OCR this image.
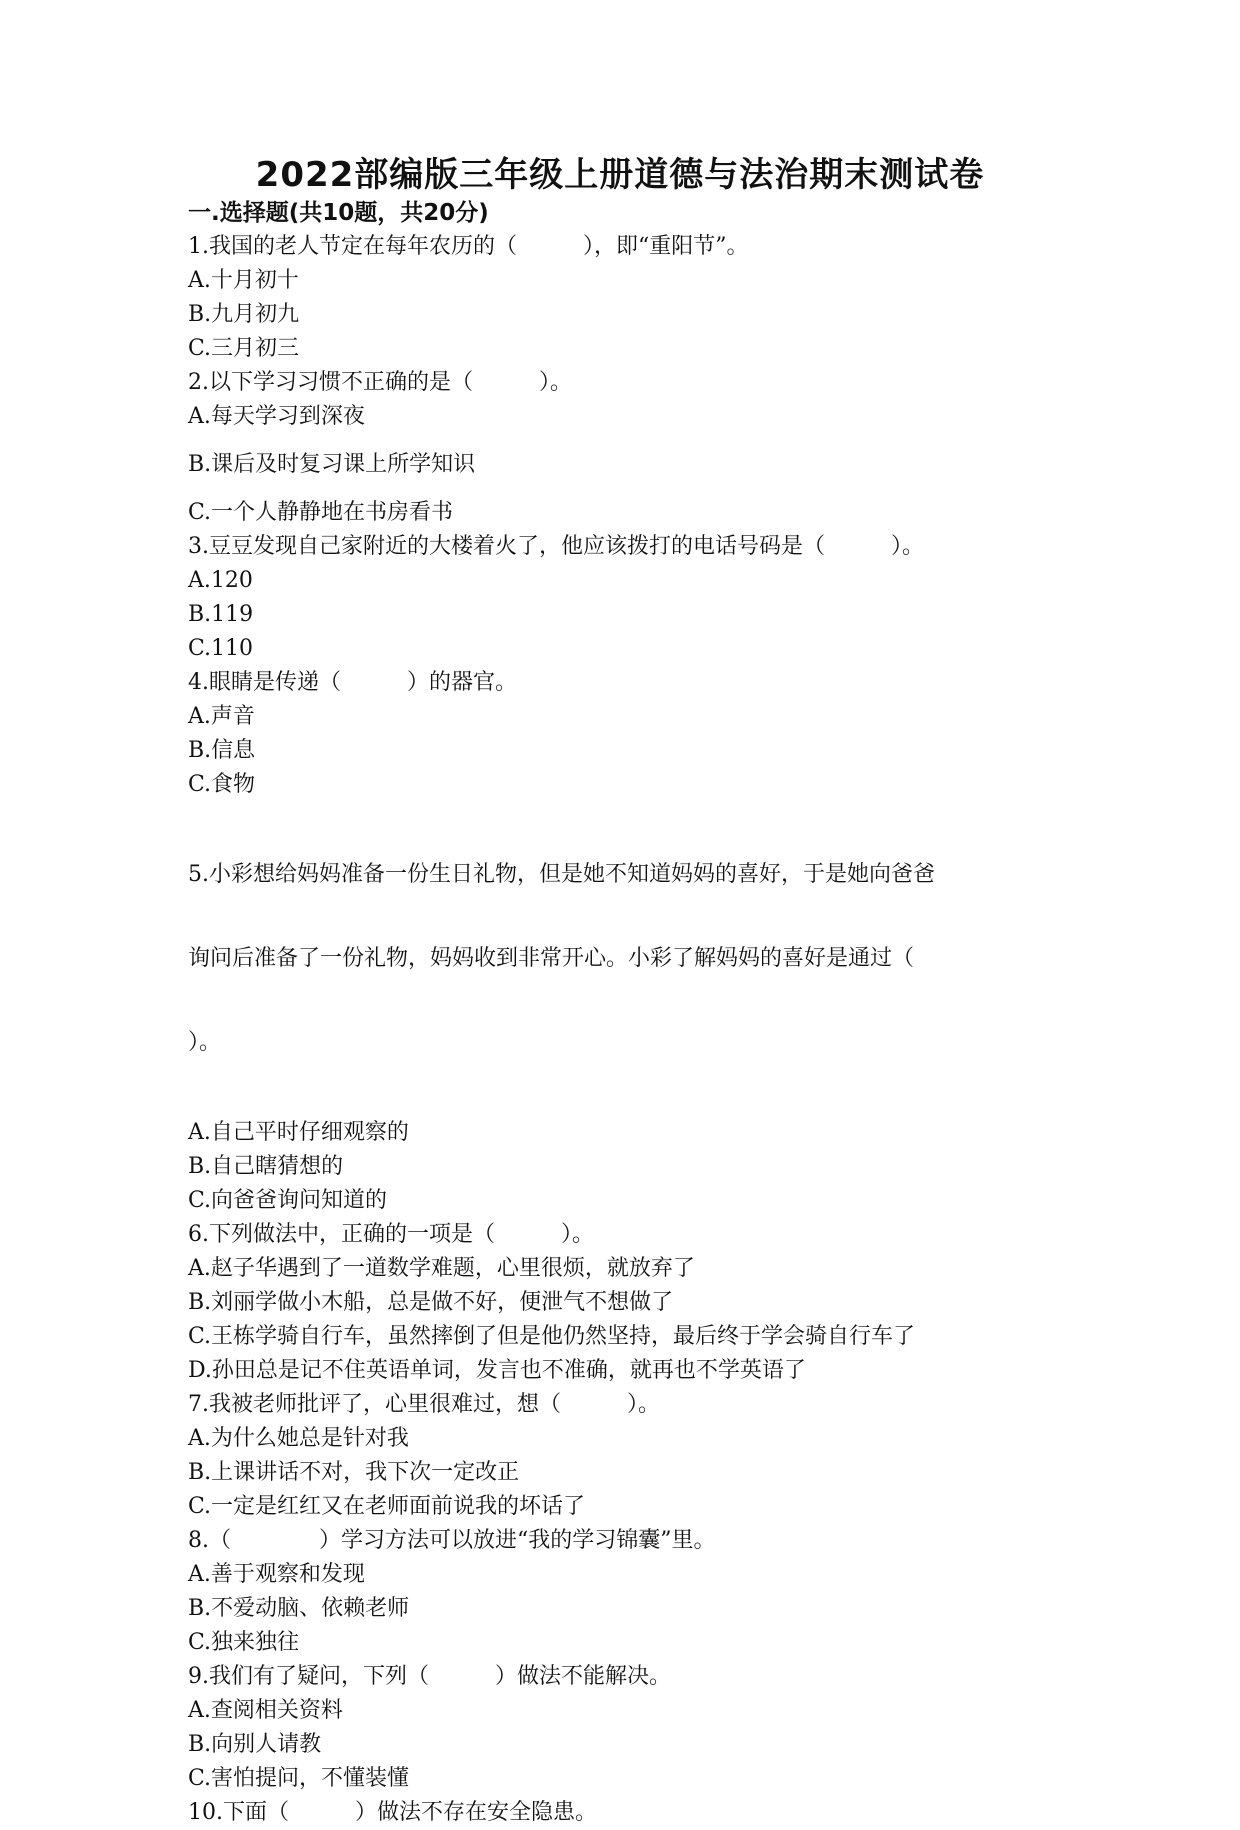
2022部编版三年级上册道德与法治期末测试卷
一.选择题(共10题，共20分)
1.我国的老人节定在每年农历的（　　　），即“重阳节”。
A.十月初十
B.九月初九
C.三月初三
2.以下学习习惯不正确的是（　　　）。
A.每天学习到深夜
B.课后及时复习课上所学知识
C.一个人静静地在书房看书
3.豆豆发现自己家附近的大楼着火了，他应该拨打的电话号码是（　　　）。
A.120
B.119
C.110
4.眼睛是传递（　　　）的器官。
A.声音
B.信息
C.食物

5.小彩想给妈妈准备一份生日礼物，但是她不知道妈妈的喜好，于是她向爸爸

询问后准备了一份礼物，妈妈收到非常开心。小彩了解妈妈的喜好是通过（

）。

A.自己平时仔细观察的
B.自己瞎猜想的
C.向爸爸询问知道的
6.下列做法中，正确的一项是（　　　）。
A.赵子华遇到了一道数学难题，心里很烦，就放弃了
B.刘丽学做小木船，总是做不好，便泄气不想做了
C.王栋学骑自行车，虽然摔倒了但是他仍然坚持，最后终于学会骑自行车了
D.孙田总是记不住英语单词，发言也不准确，就再也不学英语了
7.我被老师批评了，心里很难过，想（　　　）。
A.为什么她总是针对我
B.上课讲话不对，我下次一定改正
C.一定是红红又在老师面前说我的坏话了
8.（　　　　）学习方法可以放进“我的学习锦囊”里。
A.善于观察和发现
B.不爱动脑、依赖老师
C.独来独往
9.我们有了疑问，下列（　　　）做法不能解决。
A.查阅相关资料
B.向别人请教
C.害怕提问，不懂装懂
10.下面（　　　）做法不存在安全隐患。
